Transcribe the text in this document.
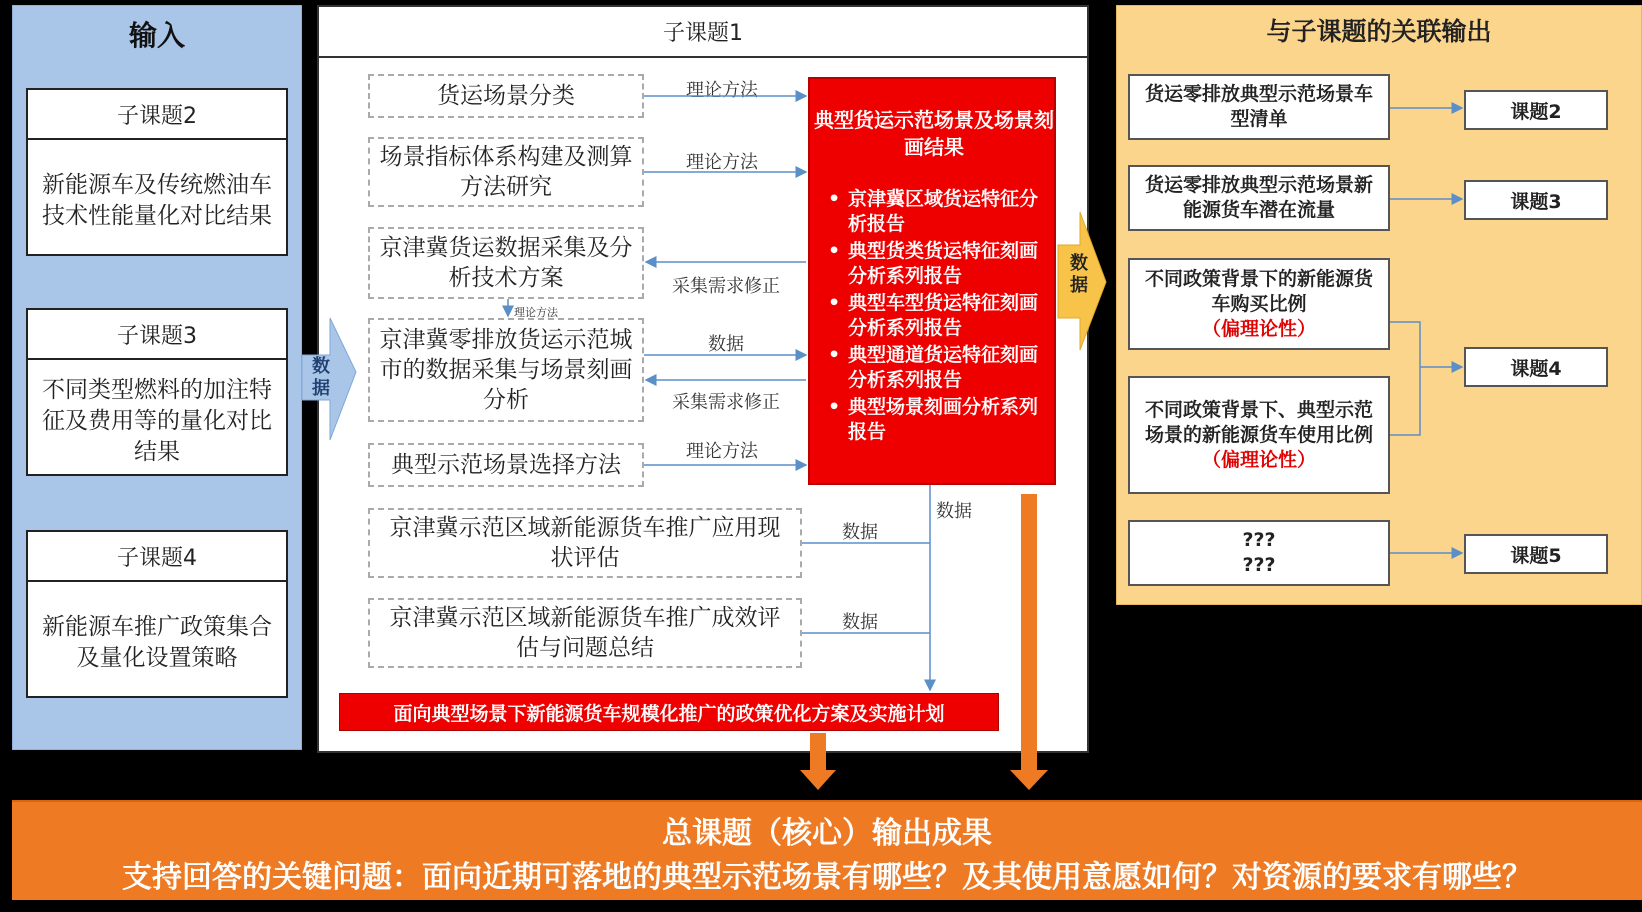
输入
子课题2
新能源车及传统燃油车技术性能量化对比结果
子课题3
不同类型燃料的加注特征及费用等的量化对比结果
子课题4
新能源车推广政策集合及量化设置策略
子课题1
货运场景分类
场景指标体系构建及测算方法研究
京津冀货运数据采集及分析技术方案
京津冀零排放货运示范城市的数据采集与场景刻画分析
典型示范场景选择方法
京津冀示范区域新能源货车推广应用现状评估
京津冀示范区域新能源货车推广成效评估与问题总结
理论方法
理论方法
采集需求修正
理论方法
数据
采集需求修正
理论方法
数据
数据
数据
典型货运示范场景及场景刻画结果
• 京津冀区域货运特征分析报告
• 典型货类货运特征刻画分析系列报告
• 典型车型货运特征刻画分析系列报告
• 典型通道货运特征刻画分析系列报告
• 典型场景刻画分析系列报告
面向典型场景下新能源货车规模化推广的政策优化方案及实施计划
与子课题的关联输出
货运零排放典型示范场景车型清单
货运零排放典型示范场景新能源货车潜在流量
不同政策背景下的新能源货车购买比例
（偏理论性）
不同政策背景下、典型示范场景的新能源货车使用比例
（偏理论性）
???
???
课题2
课题3
课题4
课题5
总课题（核心）输出成果
支持回答的关键问题：面向近期可落地的典型示范场景有哪些？及其使用意愿如何？对资源的要求有哪些？
数
据
数
据
